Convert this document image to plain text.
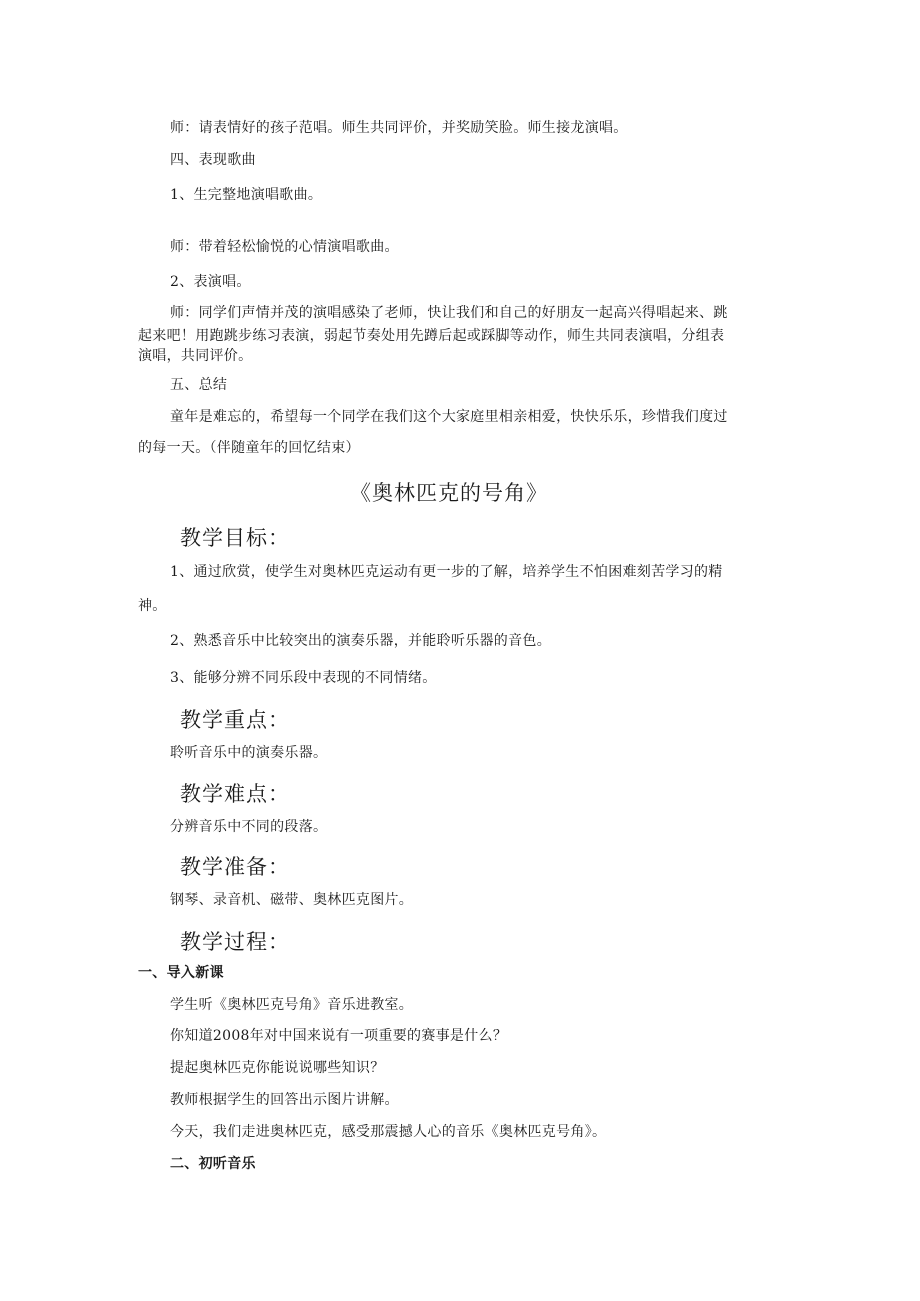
师：请表情好的孩子范唱。师生共同评价，并奖励笑脸。师生接龙演唱。
四、表现歌曲
1、生完整地演唱歌曲。
师：带着轻松愉悦的心情演唱歌曲。
2、表演唱。
师：同学们声情并茂的演唱感染了老师，快让我们和自己的好朋友一起高兴得唱起来、跳
起来吧！用跑跳步练习表演，弱起节奏处用先蹲后起或踩脚等动作，师生共同表演唱，分组表
演唱，共同评价。
五、总结
童年是难忘的，希望每一个同学在我们这个大家庭里相亲相爱，快快乐乐，珍惜我们度过
的每一天。（伴随童年的回忆结束）
《奥林匹克的号角》
教学目标：
1、通过欣赏，使学生对奥林匹克运动有更一步的了解，培养学生不怕困难刻苦学习的精
神。
2、熟悉音乐中比较突出的演奏乐器，并能聆听乐器的音色。
3、能够分辨不同乐段中表现的不同情绪。
教学重点：
聆听音乐中的演奏乐器。
教学难点：
分辨音乐中不同的段落。
教学准备：
钢琴、录音机、磁带、奥林匹克图片。
教学过程：
一、导入新课
学生听《奥林匹克号角》音乐进教室。
你知道2008年对中国来说有一项重要的赛事是什么？
提起奥林匹克你能说说哪些知识？
教师根据学生的回答出示图片讲解。
今天，我们走进奥林匹克，感受那震撼人心的音乐《奥林匹克号角》。
二、初听音乐
